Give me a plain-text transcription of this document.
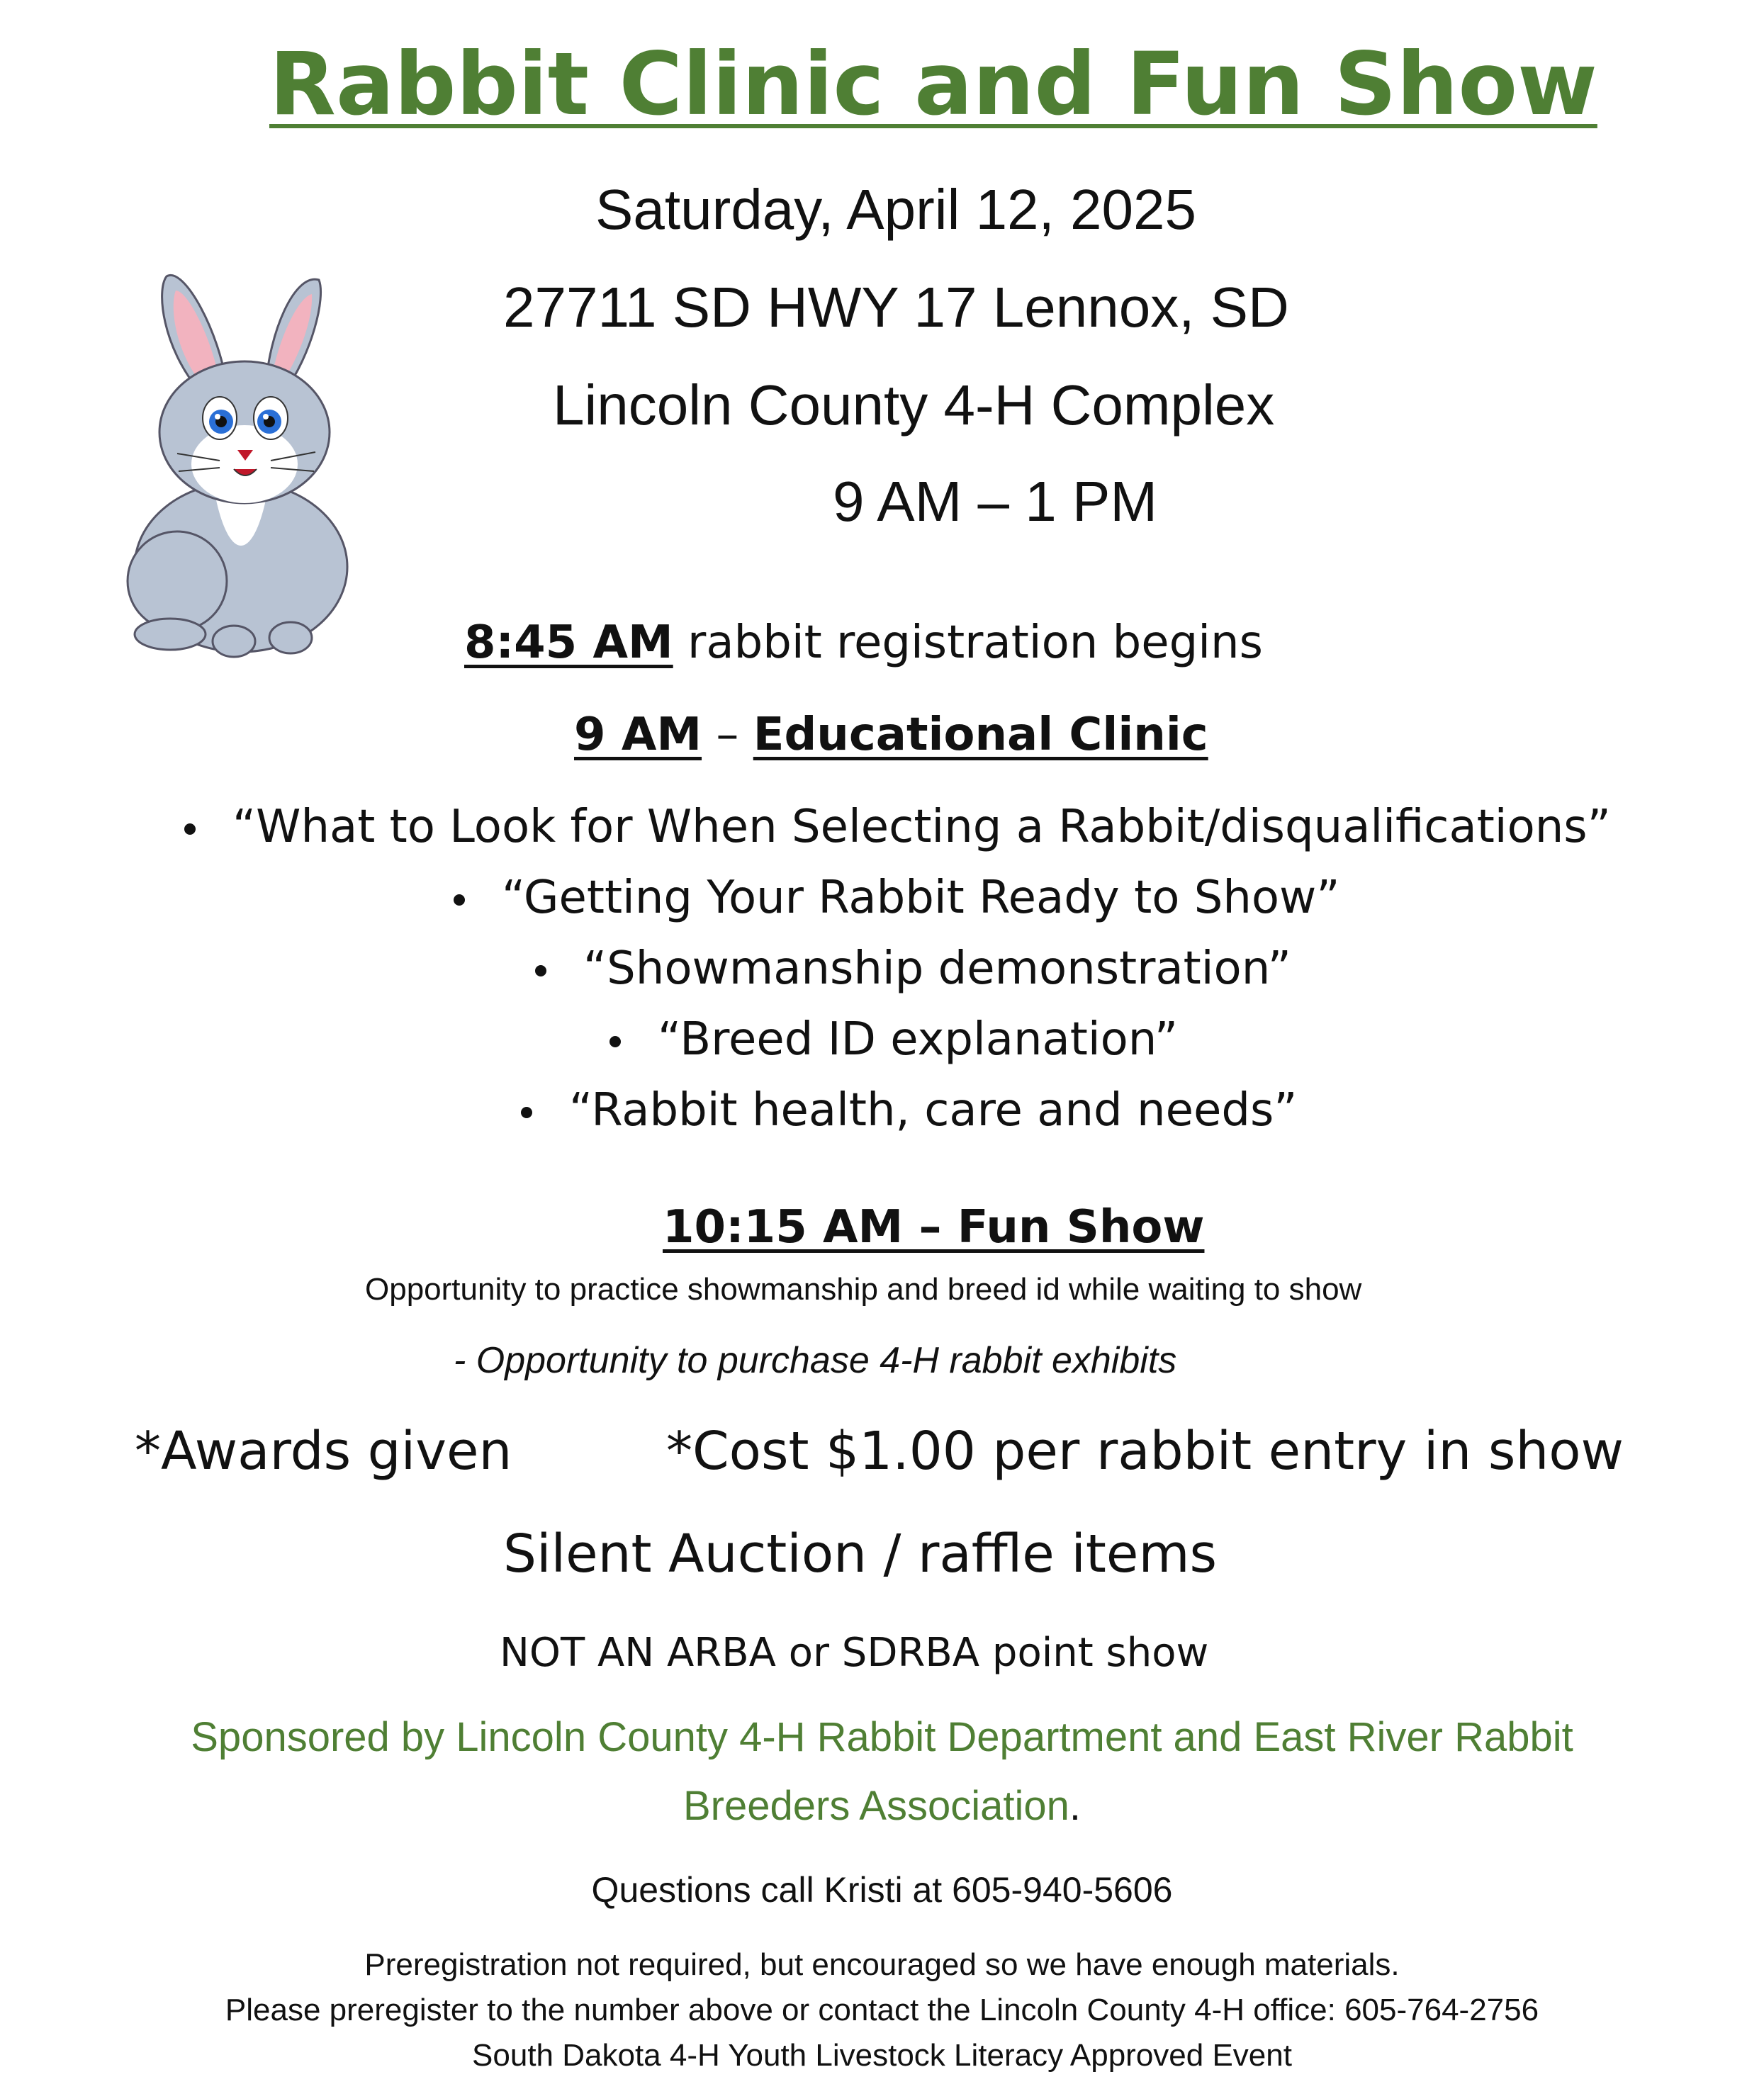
Rabbit Clinic and Fun Show
Saturday, April 12, 2025
27711 SD HWY 17 Lennox, SD
Lincoln County 4-H Complex
9 AM – 1 PM
8:45 AM rabbit registration begins
9 AM – Educational Clinic
“What to Look for When Selecting a Rabbit/disqualifications”
“Getting Your Rabbit Ready to Show”
“Showmanship demonstration”
“Breed ID explanation”
“Rabbit health, care and needs”
10:15 AM – Fun Show
Opportunity to practice showmanship and breed id while waiting to show
- Opportunity to purchase 4-H rabbit exhibits
*Awards given	*Cost $1.00 per rabbit entry in show
Silent Auction / raffle items
NOT AN ARBA or SDRBA point show
Sponsored by Lincoln County 4-H Rabbit Department and East River Rabbit
Breeders Association.
Questions call Kristi at 605-940-5606
Preregistration not required, but encouraged so we have enough materials.
Please preregister to the number above or contact the Lincoln County 4-H office: 605-764-2756
South Dakota 4-H Youth Livestock Literacy Approved Event
